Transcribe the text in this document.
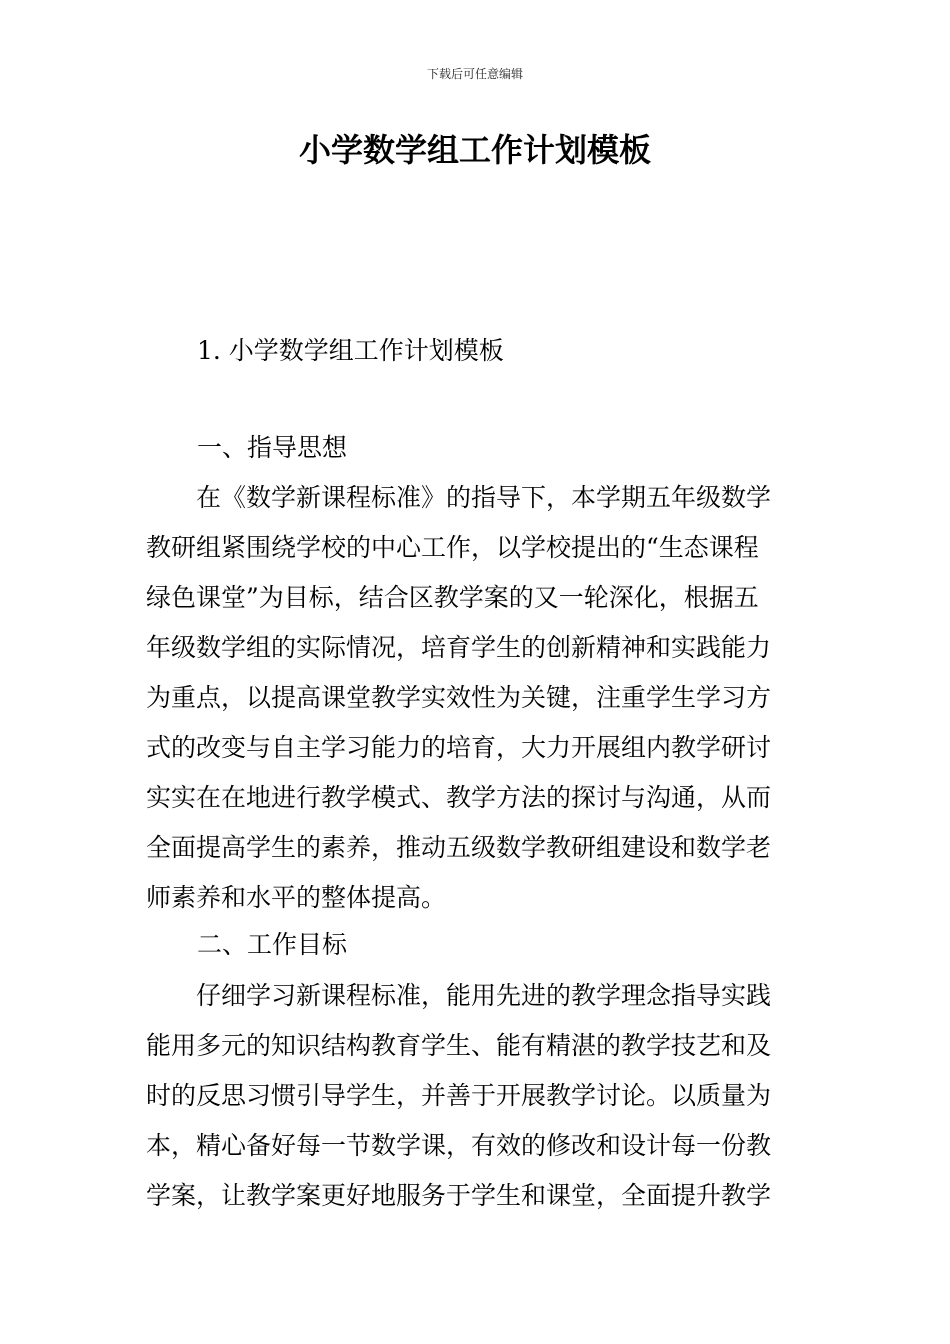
下载后可任意编辑
小学数学组工作计划模板
1. 小学数学组工作计划模板
一、指导思想
　　在《数学新课程标准》的指导下，本学期五年级数学
教研组紧围绕学校的中心工作，以学校提出的“生态课程
绿色课堂”为目标，结合区教学案的又一轮深化，根据五
年级数学组的实际情况，培育学生的创新精神和实践能力
为重点，以提高课堂教学实效性为关键，注重学生学习方
式的改变与自主学习能力的培育，大力开展组内教学研讨
实实在在地进行教学模式、教学方法的探讨与沟通，从而
全面提高学生的素养，推动五级数学教研组建设和数学老
师素养和水平的整体提高。
二、工作目标
　　仔细学习新课程标准，能用先进的教学理念指导实践
能用多元的知识结构教育学生、能有精湛的教学技艺和及
时的反思习惯引导学生，并善于开展教学讨论。以质量为
本，精心备好每一节数学课，有效的修改和设计每一份教
学案，让教学案更好地服务于学生和课堂，全面提升教学
